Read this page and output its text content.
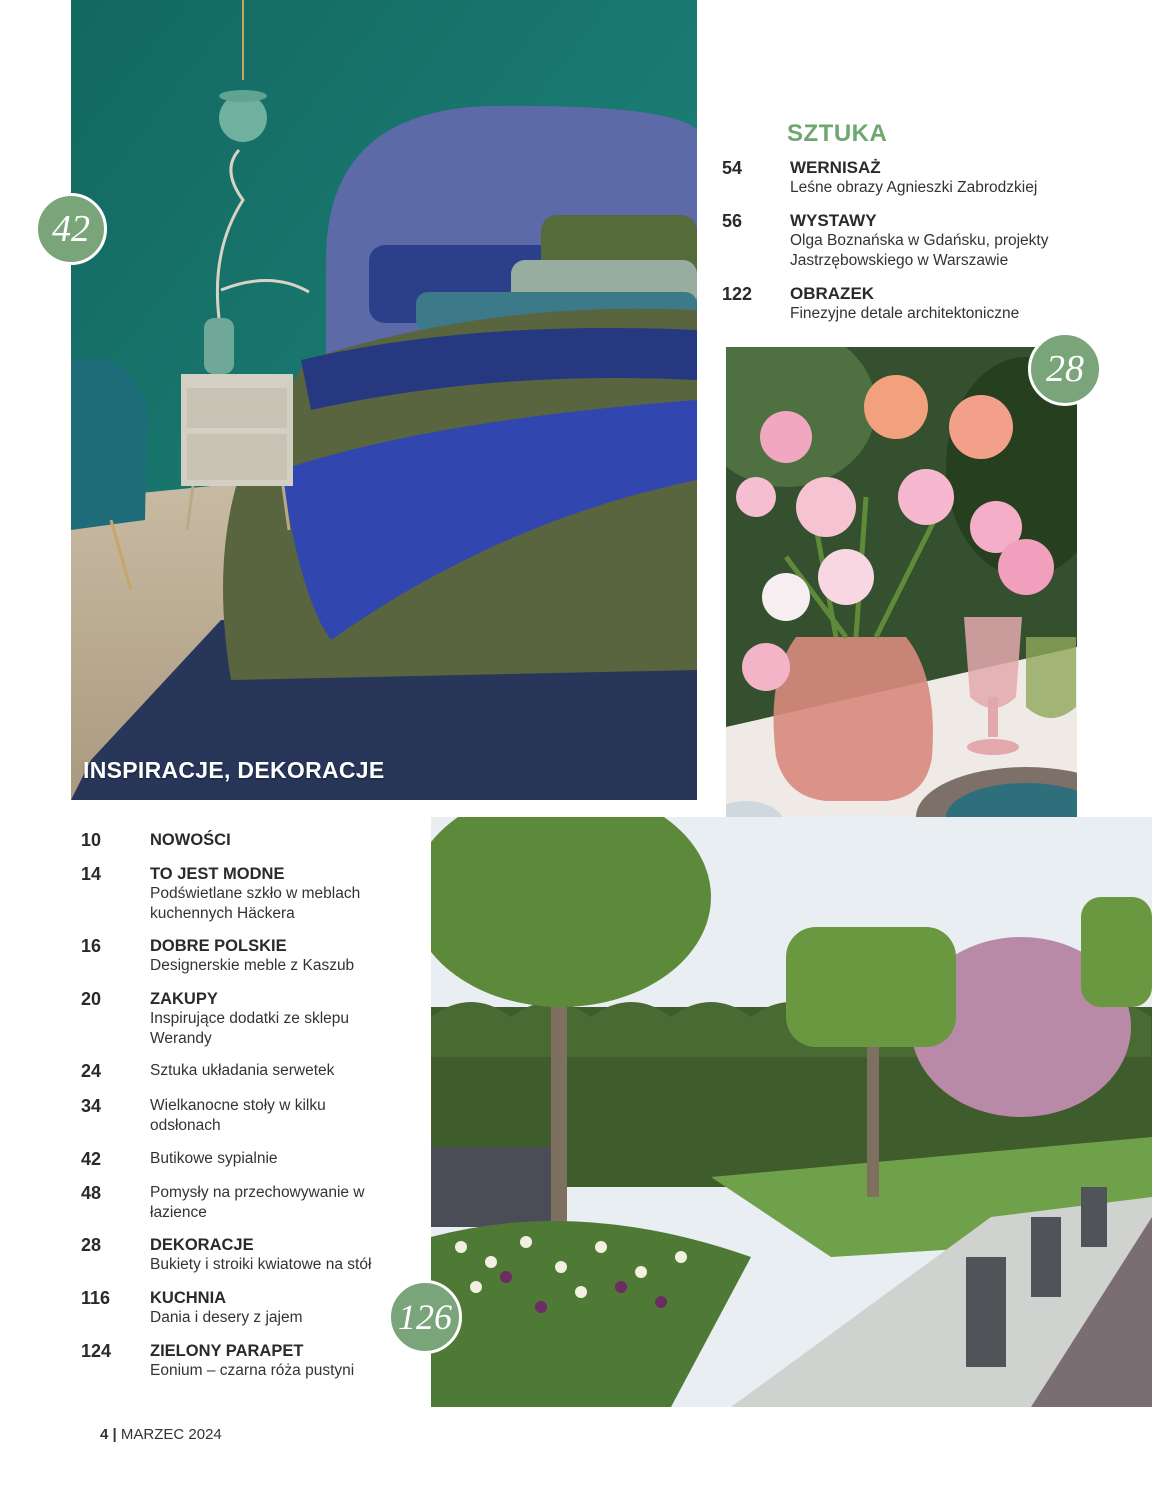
INSPIRACJE, DEKORACJE
42
SZTUKA
54	WERNISAŻ
Leśne obrazy Agnieszki Zabrodzkiej
56	WYSTAWY
Olga Boznańska w Gdańsku, projekty Jastrzębowskiego w Warszawie
122 OBRAZEK
Finezyjne detale architektoniczne
28
10	NOWOŚCI
14	TO JEST MODNE
Podświetlane szkło w meblach kuchennych Häckera
16	DOBRE POLSKIE
Designerskie meble z Kaszub
20	ZAKUPY
Inspirujące dodatki ze sklepu Werandy
24	Sztuka układania serwetek
34	Wielkanocne stoły w kilku odsłonach
42	Butikowe sypialnie
48	Pomysły na przechowywanie w łazience
28	DEKORACJE
Bukiety i stroiki kwiatowe na stół
116 KUCHNIA
Dania i desery z jajem
124 ZIELONY PARAPET
Eonium – czarna róża pustyni
126
4 | MARZEC 2024
